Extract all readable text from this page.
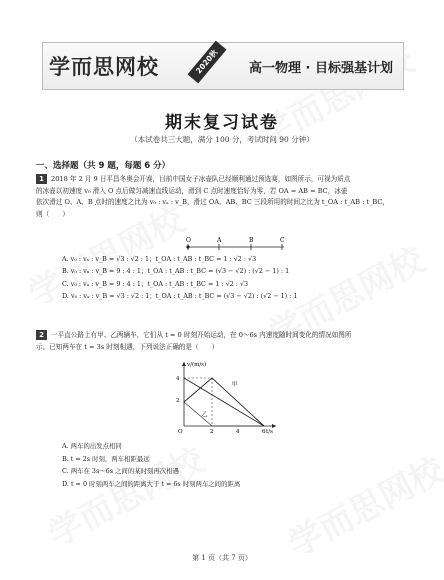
学而思网校	2020秋	高一物理 · 目标强基计划
期末复习试卷
（本试卷共三大题，满分 100 分，考试时间 90 分钟）
一、选择题（共 9 题，每题 6 分）
1 2018 年 2 月 9 日平昌冬奥会开赛，目前中国女子冰壶队已经顺利通过预选赛，如图所示，可视为质点
的冰壶以初速度 v₀ 滑入 O 点后做匀减速直线运动，滑到 C 点时速度恰好为零，若 OA = AB = BC，冰壶
依次滑过 O、A、B 点时的速度之比为 v₀ : vₐ : v_B，滑过 OA、AB、BC 三段所用的时间之比为 t_OA : t_AB : t_BC，
则（　　）
O	A	B	C
A. v₀ : vₐ : v_B = √3 : √2 : 1；t_OA : t_AB : t_BC = 1 : √2 : √3
B. v₀ : vₐ : v_B = 9 : 4 : 1；t_OA : t_AB : t_BC = (√3 − √2) : (√2 − 1) : 1
C. v₀ : vₐ : v_B = 9 : 4 : 1；t_OA : t_AB : t_BC = 1 : √2 : √3
D. v₀ : vₐ : v_B = √3 : √2 : 1；t_OA : t_AB : t_BC = (√3 − √2) : (√2 − 1) : 1
2 一平直公路上有甲、乙两辆车，它们从 t = 0 时刻开始运动，在 0～6s 内速度随时间变化的情况如图所
示。已知两车在 t = 3s 时刻相遇，下列说法正确的是（　　）
v/(m/s)
t/s
O
4
2
2	4	6
甲
乙
A. 两车的出发点相同
B. t = 2s 时刻，两车相距最远
C. 两车在 3s～6s 之间的某时刻再次相遇
D. t = 0 时刻两车之间的距离大于 t = 6s 时刻两车之间的距离
第 1 页（共 7 页）
